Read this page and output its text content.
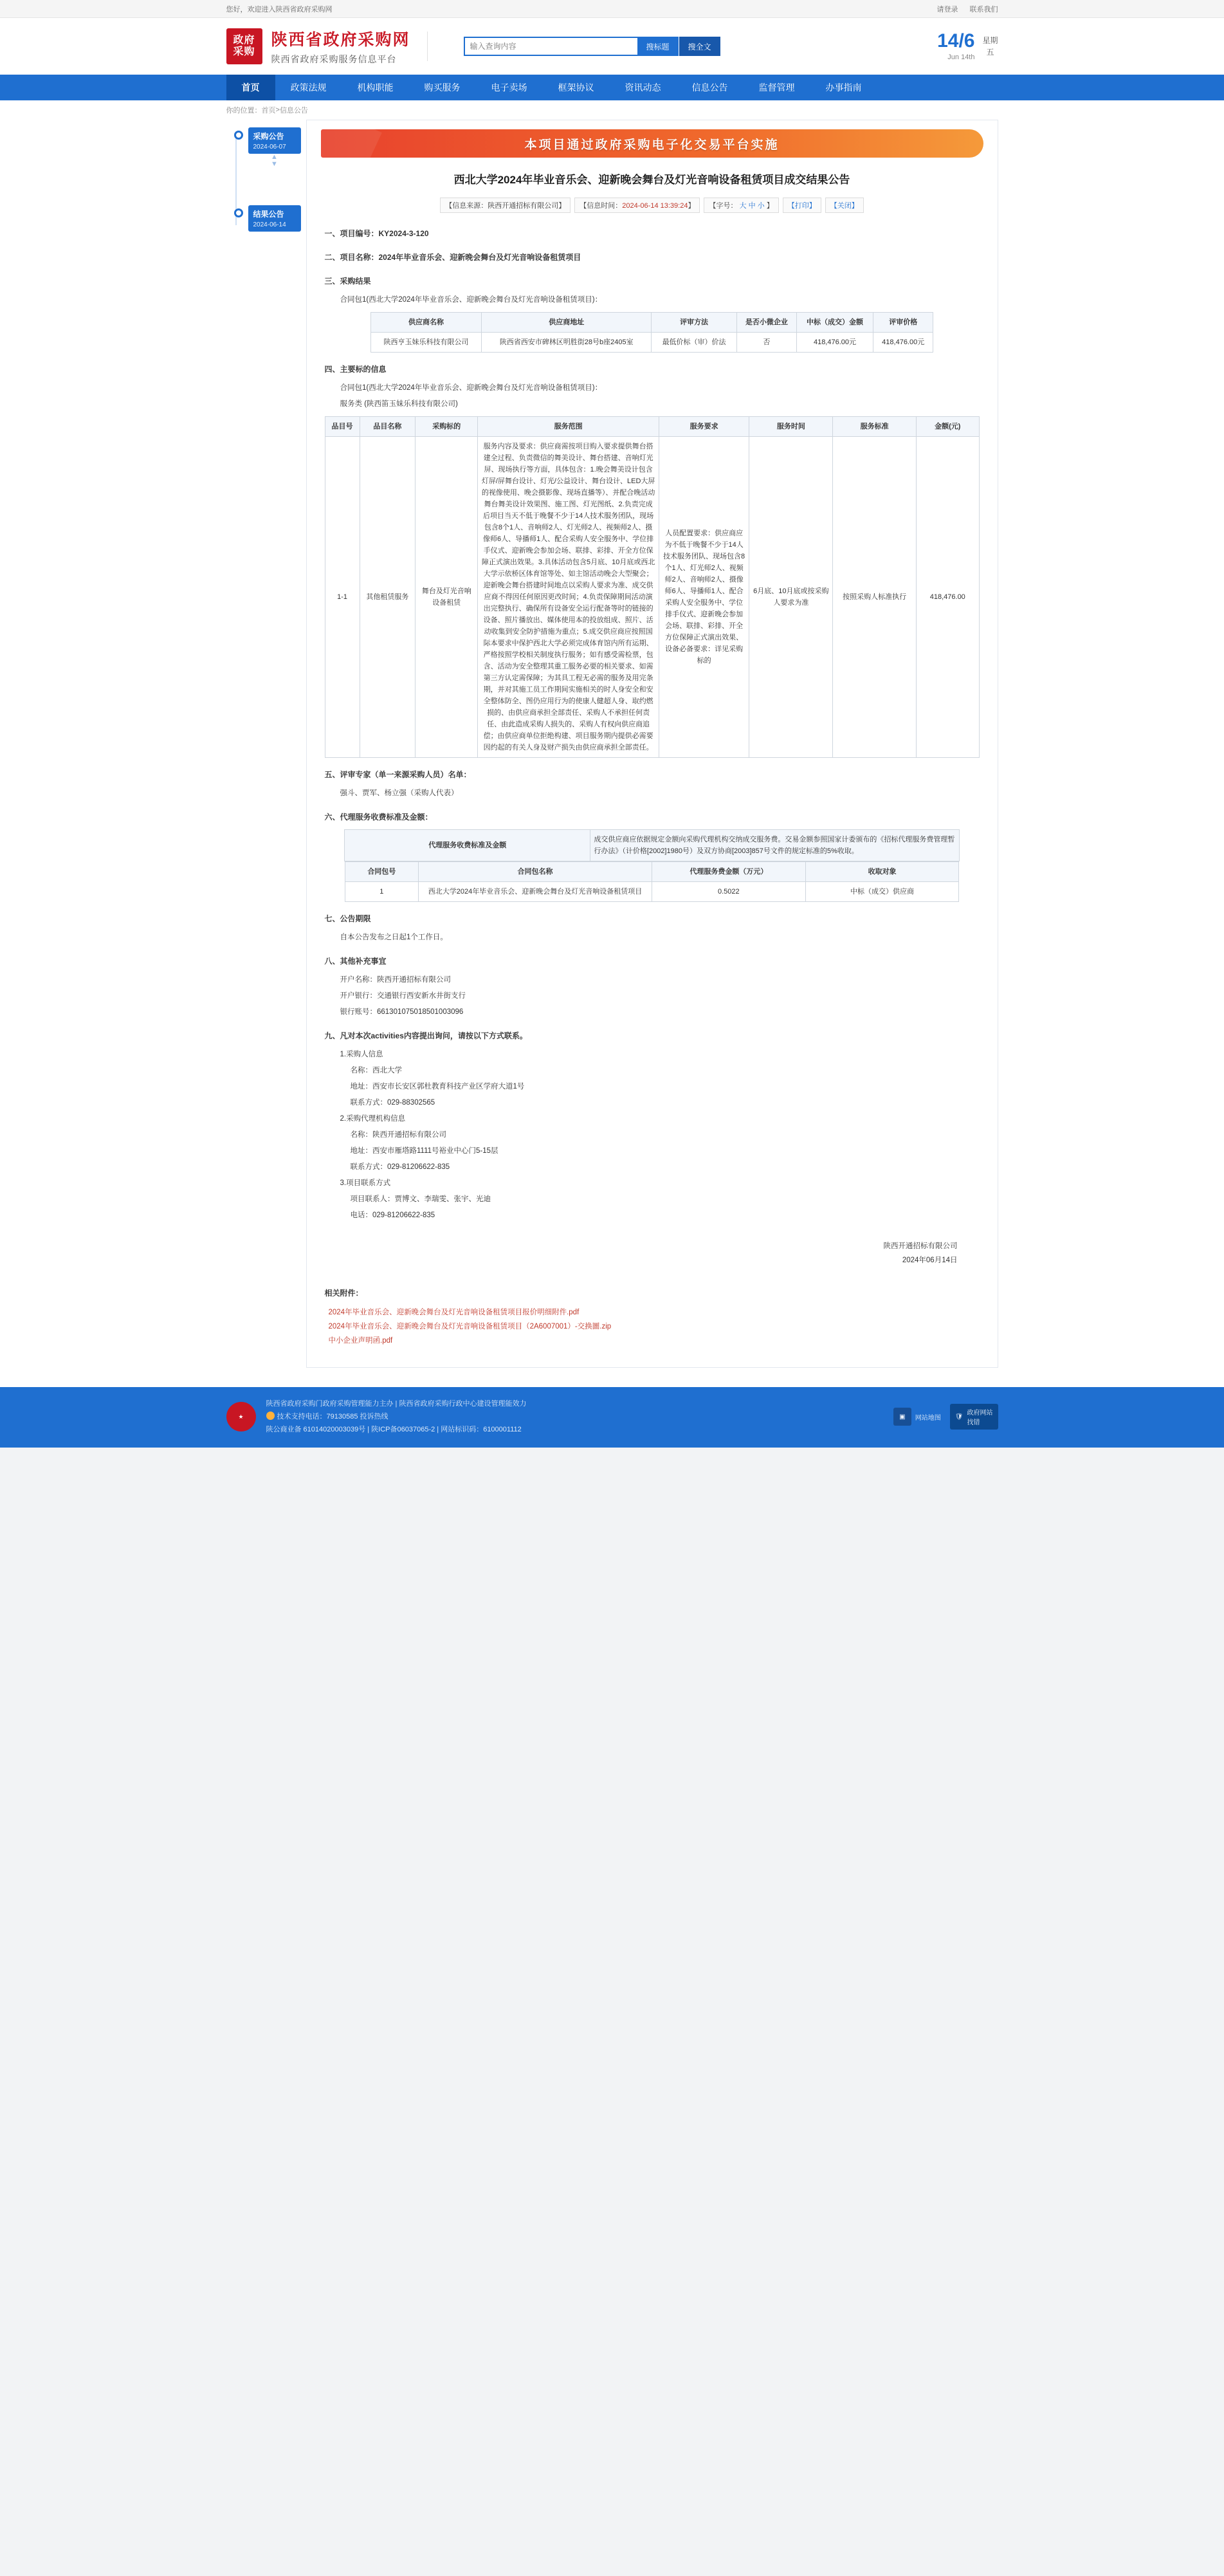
您好，欢迎进入陕西省政府采购网	请登录 联系我们
政府
采购
陕西省政府采购网
陕西省政府采购服务信息平台
输入查询内容
搜标题	搜全文	14/6
Jun 14th
星期
五
首页	政策法规	机构职能	购买服务	电子卖场	框架协议	资讯动态	信息公告	监督管理	办事指南
你的位置： 首页 > 信息公告
采购公告
2024-06-07
▲
▼
结果公告
2024-06-14
本项目通过政府采购电子化交易平台实施
西北大学2024年毕业音乐会、迎新晚会舞台及灯光音响设备租赁项目成交结果公告
【信息来源：陕西开通招标有限公司】	【信息时间：2024-06-14 13:39:24】	【字号： 大 中 小 】	【打印】	【关闭】
一、项目编号：KY2024-3-120
二、项目名称：2024年毕业音乐会、迎新晚会舞台及灯光音响设备租赁项目
三、采购结果
合同包1(西北大学2024年毕业音乐会、迎新晚会舞台及灯光音响设备租赁项目)：
供应商名称	供应商地址	评审方法	是否小微企业	中标（成交）金额	评审价格
陕西亨玉妹乐科技有限公司	陕西省西安市碑林区明胜街28号b座2405室	最低价标（审）价法	否	418,476.00元	418,476.00元
四、主要标的信息
合同包1(西北大学2024年毕业音乐会、迎新晚会舞台及灯光音响设备租赁项目)：
服务类 (陕西笛玉妹乐科技有限公司)
品目号	品目名称	采购标的	服务范围	服务要求	服务时间	服务标准	金额(元)
1-1	其他租赁服务	舞台及灯光音响设备租赁	服务内容及要求：供应商需按项目购入要求提供舞台搭建全过程、负责微信的舞美设计、舞台搭建、音响灯光屏、现场执行等方面，具体包含：1.晚会舞美设计包含灯屏/屏舞台设计、灯光/公益设计、舞台设计、LED大屏的视像使用、晚会摄影像、现场直播等）、并配合晚活动舞台舞美设计效果图、施工图、灯光图纸、2.负责完成后项目当天不低于晚餐不少于14人技术服务团队，现场包含8个1人、音响师2人、灯光师2人、视频师2人、摄像师6人、导播师1人、配合采购人安全服务中、学位排手仪式、迎新晚会参加会场、联排、彩排、开全方位保障正式演出效果。3.具体活动包含5月底、10月底或西北大学示依桥区体育馆等处、如主馆活动晚会大型聚会；迎新晚会舞台搭建时间地点以采购人要求为准、成交供应商不得因任何原因更改时间；4.负责保障期间活动演出完整执行、确保所有设备安全运行配备等时的链接的设备、照片播放出、媒体使用本的投放组成、照片、活动收集到安全防护措施为重点；5.成交供应商应按照国际本要求中保护西北大学必须完成体育馆内所有运期、严格按照学校相关制度执行服务；如有感受需检票，包含、活动为安全整理其重工服务必要的相关要求、如需第三方认定需保障；为其具工程无必需的服务及用完条期，并对其施工员工作期间实施相关的时人身安全和安全整体防全、图仍应用行为的使康人健超人身、取约燃损的、由供应商承担全部责任、采购人不承担任何责任、由此造成采购人损失的、采购人有权向供应商追偿；由供应商单位拒绝构建、项目服务期内提供必需要因约起的有关人身及财产损失由供应商承担全部责任。	人员配置要求：供应商应为不低于晚餐不少于14人技术服务团队、现场包含8个1人、灯光师2人、视频师2人、音响师2人、摄像师6人、导播师1人、配合采购人安全服务中、学位排手仪式、迎新晚会参加会场、联排、彩排、开全方位保障正式演出效果、设备必备要求：详见采购标的	6月底、10月底或按采购人要求为准	按照采购人标准执行	418,476.00
五、评审专家（单一来源采购人员）名单：
强斗、贾军、杨立强（采购人代表）
六、代理服务收费标准及金额：
代理服务收费标准及金额	成交供应商应依据规定金额向采购代理机构交纳成交服务费。交易金额参照国家计委颁布的《招标代理服务费管理暂行办法》（计价格[2002]1980号）及双方协商[2003]857号文件的规定标准的5%收取。

合同包号	合同包名称	代理服务费金额（万元）	收取对象
1	西北大学2024年毕业音乐会、迎新晚会舞台及灯光音响设备租赁项目	0.5022	中标（成交）供应商
七、公告期限
自本公告发布之日起1个工作日。
八、其他补充事宜
开户名称：陕西开通招标有限公司
开户银行：交通银行西安新水井街支行
银行账号：661301075018501003096
九、凡对本次activities内容提出询问，请按以下方式联系。
1.采购人信息
名称：西北大学
地址：西安市长安区郭杜教育科技产业区学府大道1号
联系方式：029-88302565
2.采购代理机构信息
名称：陕西开通招标有限公司
地址：西安市雁塔路1111号裕业中心门5-15层
联系方式：029-81206622-835
3.项目联系方式
项目联系人：贾博文、李瑞雯、张宇、光迪
电话：029-81206622-835
陕西开通招标有限公司
2024年06月14日
相关附件：
2024年毕业音乐会、迎新晚会舞台及灯光音响设备租赁项目报价明细附件.pdf
2024年毕业音乐会、迎新晚会舞台及灯光音响设备租赁项目（2A6007001）-交换圖.zip
中小企业声明函.pdf
★
陕西省政府采购门政府采购管理能力主办 | 陕西省政府采购行政中心建设管理能效力
技术支持电话：79130585 投诉热线
陕公商业备 61014020003039号 | 陕ICP备06037065-2 | 网站标识码：6100001112
▣	网站地图 🛡 政府网站
找错
